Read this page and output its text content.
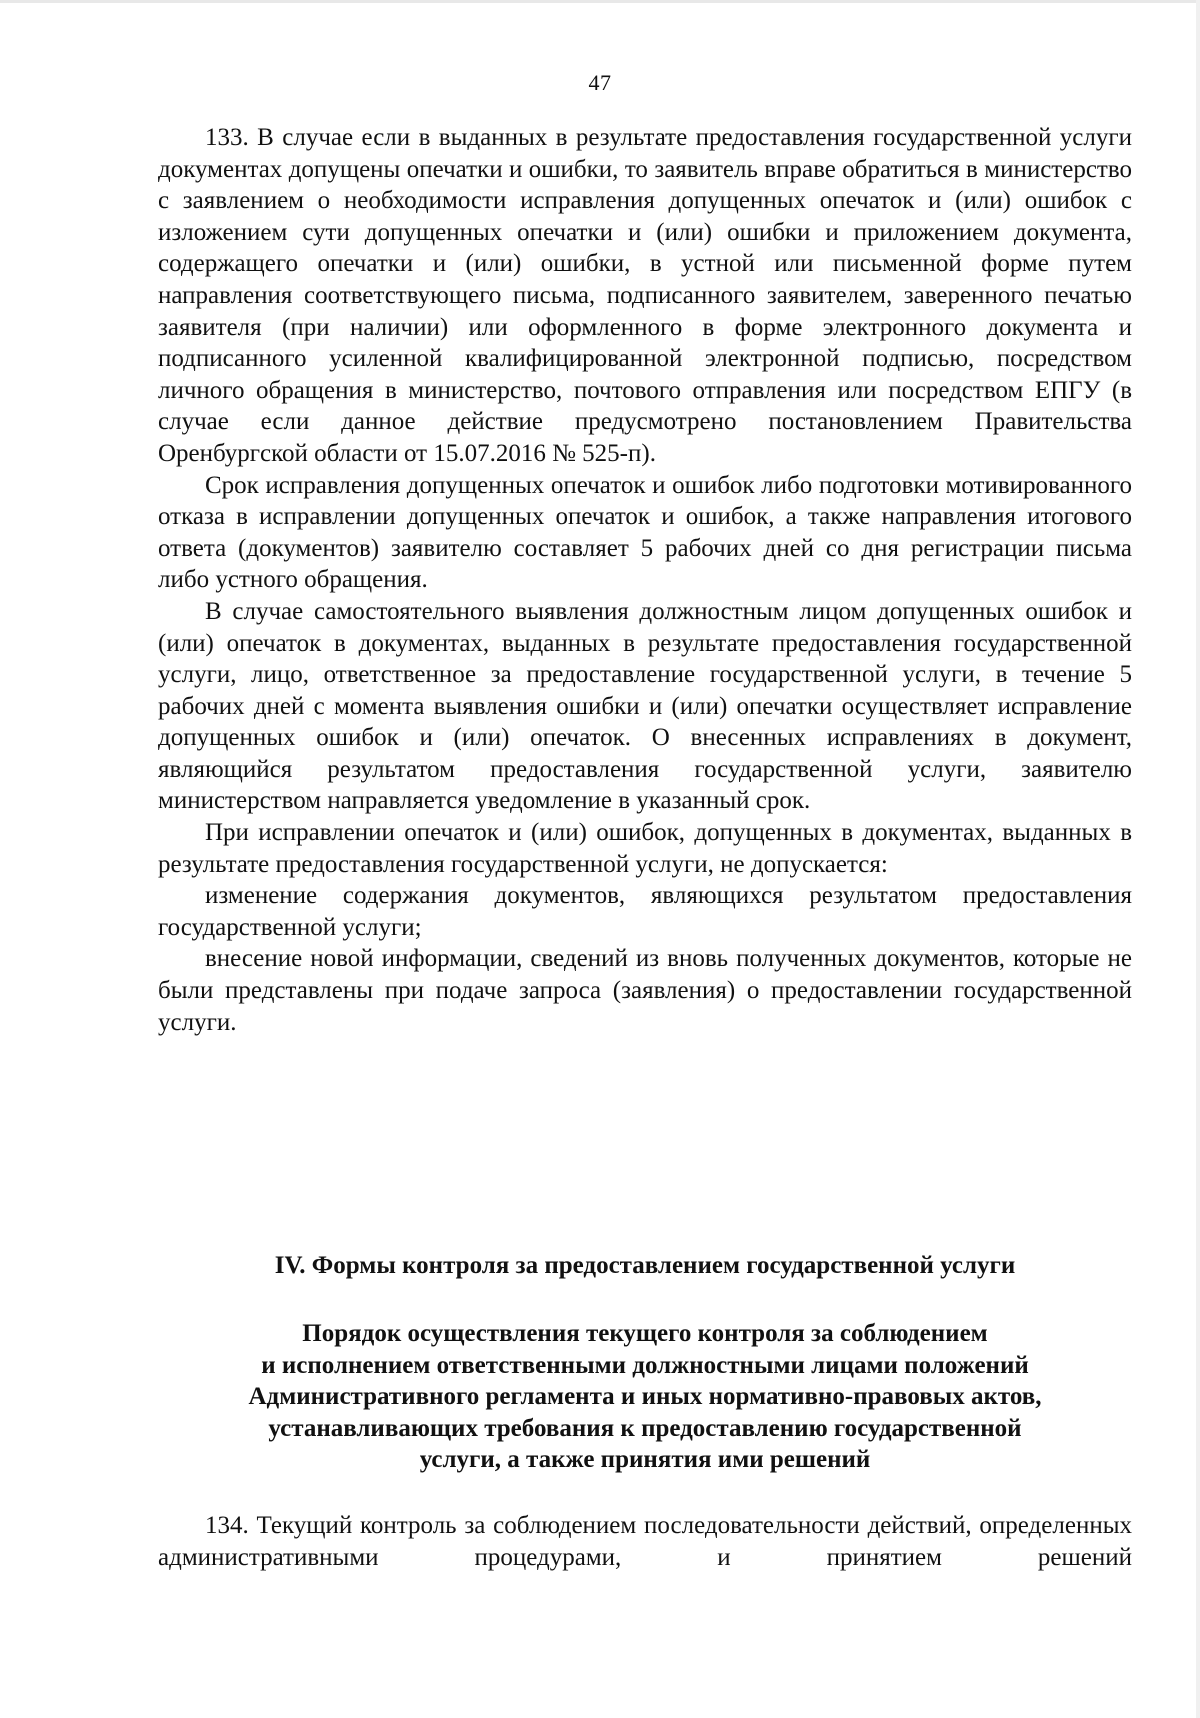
47

133. В случае если в выданных в результате предоставления государственной услуги документах допущены опечатки и ошибки, то заявитель вправе обратиться в министерство с заявлением о необходимости исправления допущенных опечаток и (или) ошибок с изложением сути допущенных опечатки и (или) ошибки и приложением документа, содержащего опечатки и (или) ошибки, в устной или письменной форме путем направления соответствующего письма, подписанного заявителем, заверенного печатью заявителя (при наличии) или оформленного в форме электронного документа и подписанного усиленной квалифицированной электронной подписью, посредством личного обращения в министерство, почтового отправления или посредством ЕПГУ (в случае если данное действие предусмотрено постановлением Правительства Оренбургской области от 15.07.2016 № 525-п).

Срок исправления допущенных опечаток и ошибок либо подготовки мотивированного отказа в исправлении допущенных опечаток и ошибок, а также направления итогового ответа (документов) заявителю составляет 5 рабочих дней со дня регистрации письма либо устного обращения.

В случае самостоятельного выявления должностным лицом допущенных ошибок и (или) опечаток в документах, выданных в результате предоставления государственной услуги, лицо, ответственное за предоставление государственной услуги, в течение 5 рабочих дней с момента выявления ошибки и (или) опечатки осуществляет исправление допущенных ошибок и (или) опечаток. О внесенных исправлениях в документ, являющийся результатом предоставления государственной услуги, заявителю министерством направляется уведомление в указанный срок.

При исправлении опечаток и (или) ошибок, допущенных в документах, выданных в результате предоставления государственной услуги, не допускается:

изменение содержания документов, являющихся результатом предоставления государственной услуги;

внесение новой информации, сведений из вновь полученных документов, которые не были представлены при подаче запроса (заявления) о предоставлении государственной услуги.

IV. Формы контроля за предоставлением государственной услуги
Порядок осуществления текущего контроля за соблюдением
и исполнением ответственными должностными лицами положений
Административного регламента и иных нормативно-правовых актов,
устанавливающих требования к предоставлению государственной
услуги, а также принятия ими решений

134. Текущий контроль за соблюдением последовательности действий, определенных административными процедурами, и принятием решений
